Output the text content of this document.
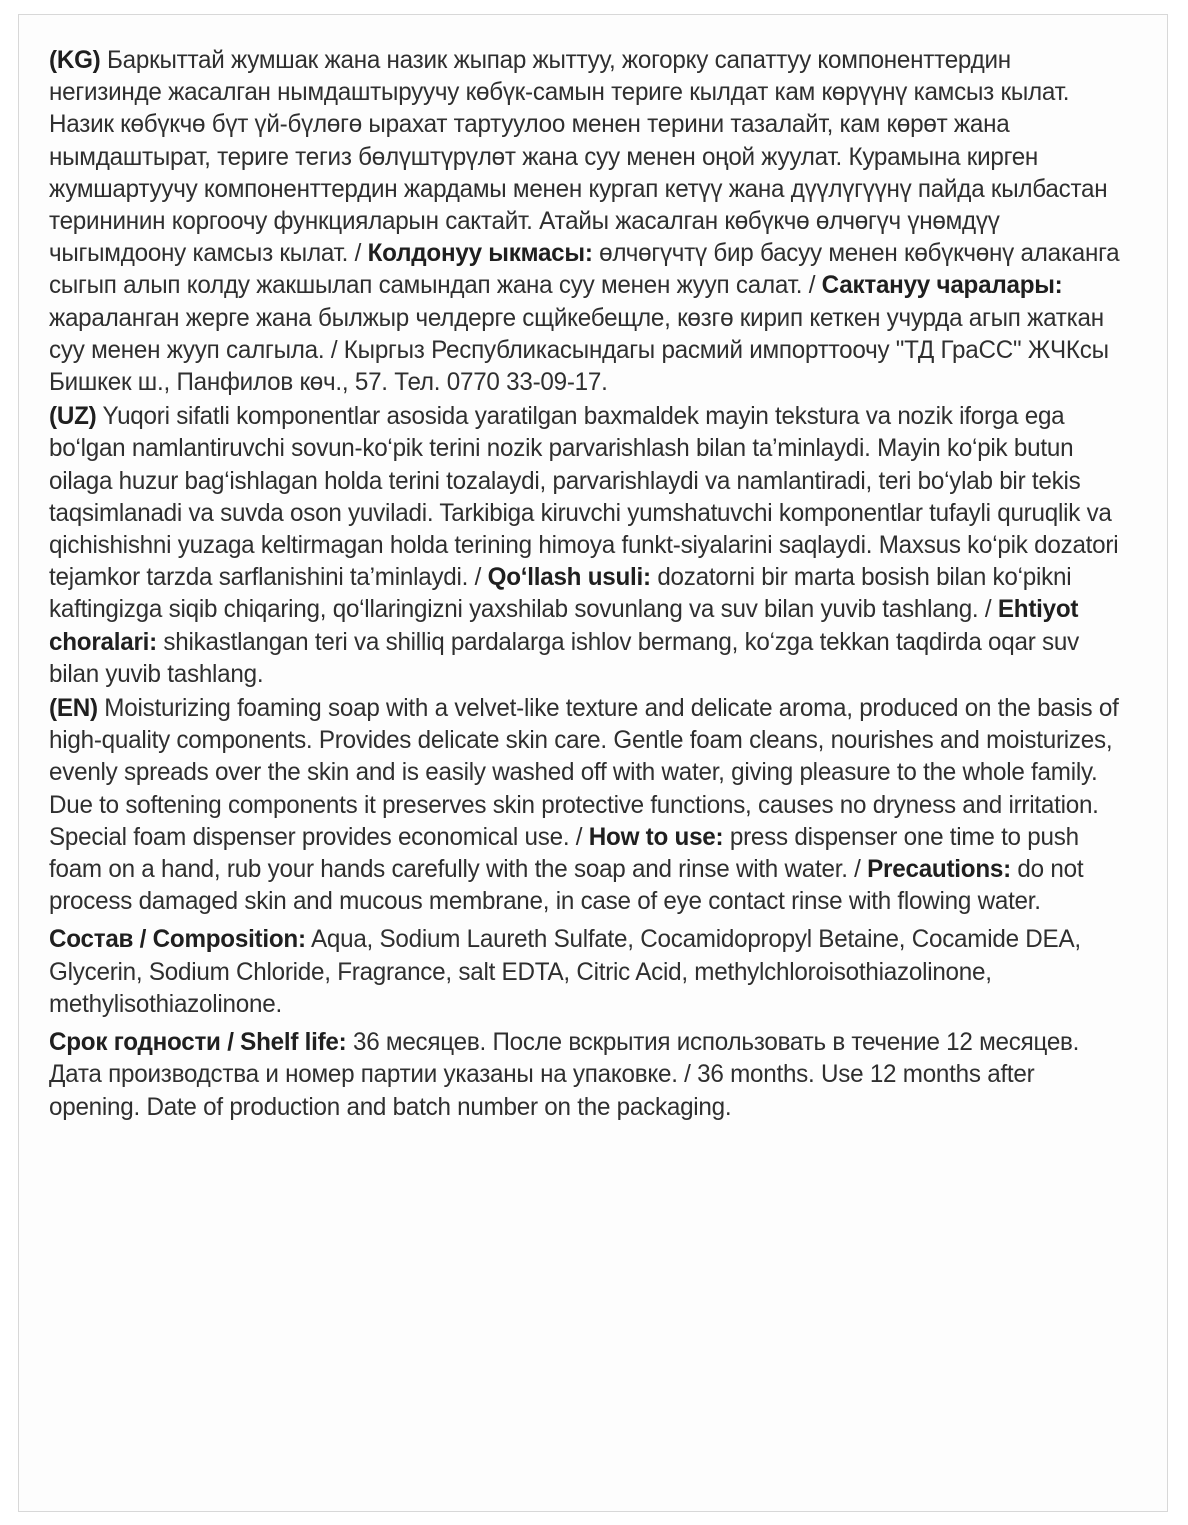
(KG) Баркыттай жумшак жана назик жыпар жыттуу, жогорку сапаттуу компоненттердин негизинде жасалган нымдаштыруучу көбүк-самын териге кылдат кам көрүүнү камсыз кылат. Назик көбүкчө бүт үй-бүлөгө ырахат тартуулоо менен терини тазалайт, кам көрөт жана нымдаштырат, териге тегиз бөлүштүрүлөт жана суу менен оңой жуулат. Курамына кирген жумшартуучу компоненттердин жардамы менен кургап кетүү жана дүүлүгүүнү пайда кылбастан терининин коргоочу функцияларын сактайт. Атайы жасалган көбүкчө өлчөгүч үнөмдүү чыгымдоону камсыз кылат. / Колдонуу ыкмасы: өлчөгүчтү бир басуу менен көбүкчөнү алаканга сыгып алып колду жакшылап самындап жана суу менен жууп салат. / Сактануу чаралары: жараланган жерге жана былжыр челдерге сщйкебещле, көзгө кирип кеткен учурда агып жаткан суу менен жууп салгыла. / Кыргыз Республикасындагы расмий импорттоочу "ТД ГраСС" ЖЧКсы Бишкек ш., Панфилов көч., 57. Тел. 0770 33-09-17.

(UZ) Yuqori sifatli komponentlar asosida yaratilgan baxmaldek mayin tekstura va nozik iforga ega bo‘lgan namlantiruvchi sovun-ko‘pik terini nozik parvarishlash bilan ta’minlaydi. Mayin ko‘pik butun oilaga huzur bag‘ishlagan holda terini tozalaydi, parvarishlaydi va namlantiradi, teri bo‘ylab bir tekis taqsimlanadi va suvda oson yuviladi. Tarkibiga kiruvchi yumshatuvchi komponentlar tufayli quruqlik va qichishishni yuzaga keltirmagan holda terining himoya funkt-siyalarini saqlaydi. Maxsus ko‘pik dozatori tejamkor tarzda sarflanishini ta’minlaydi. / Qo‘llash usuli: dozatorni bir marta bosish bilan ko‘pikni kaftingizga siqib chiqaring, qo‘llaringizni yaxshilab sovunlang va suv bilan yuvib tashlang. / Ehtiyot choralari: shikastlangan teri va shilliq pardalarga ishlov bermang, ko‘zga tekkan taqdirda oqar suv bilan yuvib tashlang.

(EN) Moisturizing foaming soap with a velvet-like texture and delicate aroma, produced on the basis of high-quality components. Provides delicate skin care. Gentle foam cleans, nourishes and moisturizes, evenly spreads over the skin and is easily washed off with water, giving pleasure to the whole family. Due to softening components it preserves skin protective functions, causes no dryness and irritation. Special foam dispenser provides economical use. / How to use: press dispenser one time to push foam on a hand, rub your hands carefully with the soap and rinse with water. / Precautions: do not process damaged skin and mucous membrane, in case of eye contact rinse with flowing water.

Состав / Composition: Aqua, Sodium Laureth Sulfate, Cocamidopropyl Betaine, Cocamide DEA, Glycerin, Sodium Chloride, Fragrance, salt EDTA, Citric Acid, methylchloroisothiazolinone, methylisothiazolinone.

Срок годности / Shelf life: 36 месяцев. После вскрытия использовать в течение 12 месяцев. Дата производства и номер партии указаны на упаковке. / 36 months. Use 12 months after opening. Date of production and batch number on the packaging.
